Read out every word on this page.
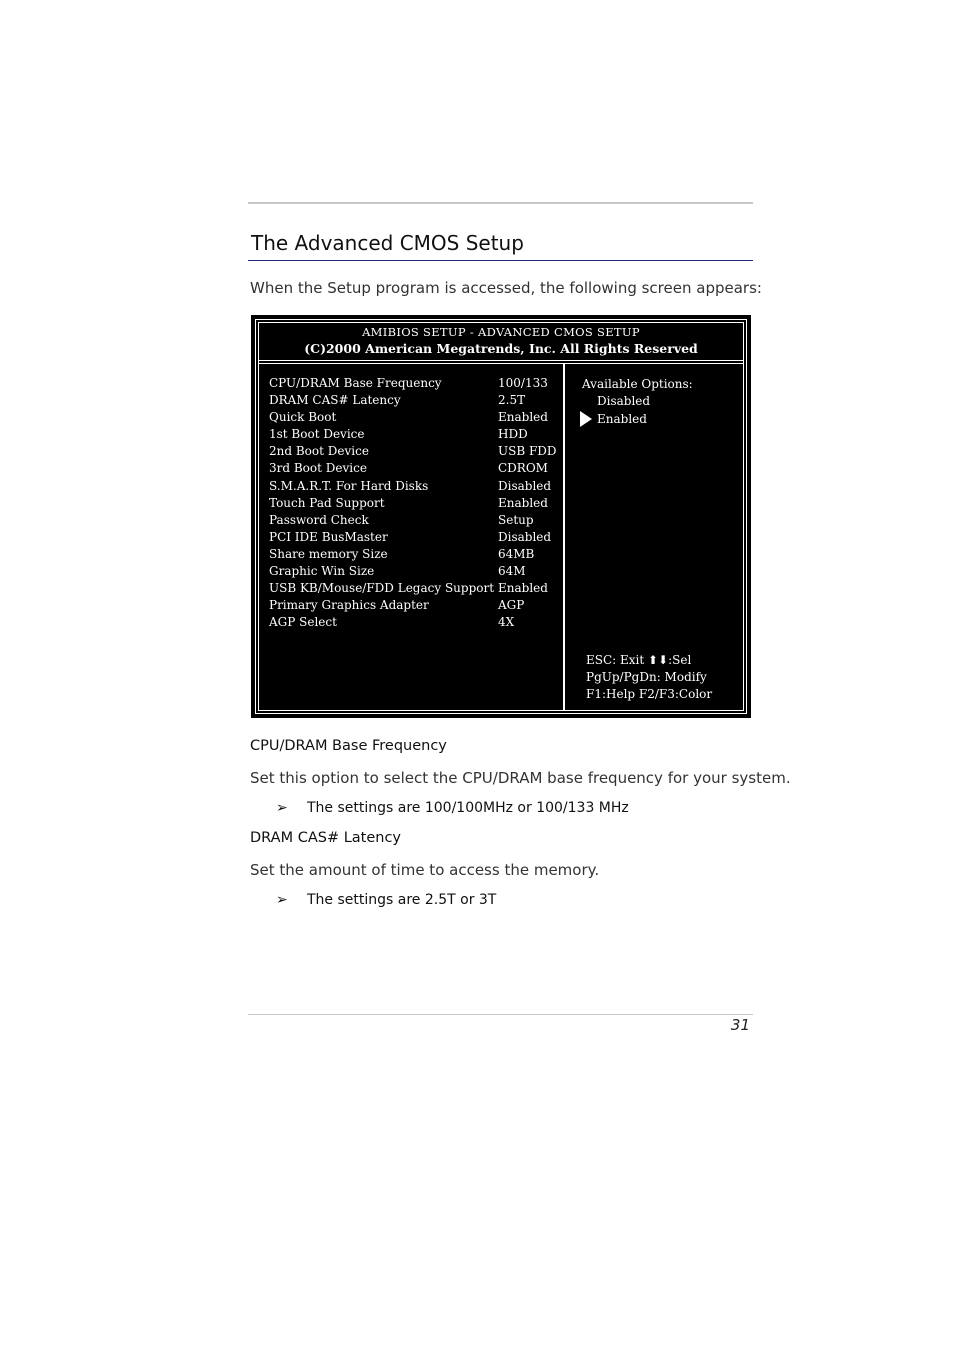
The Advanced CMOS Setup
When the Setup program is accessed, the following screen appears:
AMIBIOS SETUP - ADVANCED CMOS SETUP
(C)2000 American Megatrends, Inc. All Rights Reserved
CPU/DRAM Base Frequency	100/133
DRAM CAS# Latency	2.5T
Quick Boot	Enabled
1st Boot Device	HDD
2nd Boot Device	USB FDD
3rd Boot Device	CDROM
S.M.A.R.T. For Hard Disks	Disabled
Touch Pad Support	Enabled
Password Check	Setup
PCI IDE BusMaster	Disabled
Share memory Size	64MB
Graphic Win Size	64M
USB KB/Mouse/FDD Legacy Support Enabled
Primary Graphics Adapter	AGP
AGP Select	4X
Available Options:
Disabled
Enabled
ESC: Exit ⬆⬇:Sel
PgUp/PgDn: Modify
F1:Help F2/F3:Color
CPU/DRAM Base Frequency
Set this option to select the CPU/DRAM base frequency for your system.
➢ The settings are 100/100MHz or 100/133 MHz
DRAM CAS# Latency
Set the amount of time to access the memory.
➢ The settings are 2.5T or 3T
31
